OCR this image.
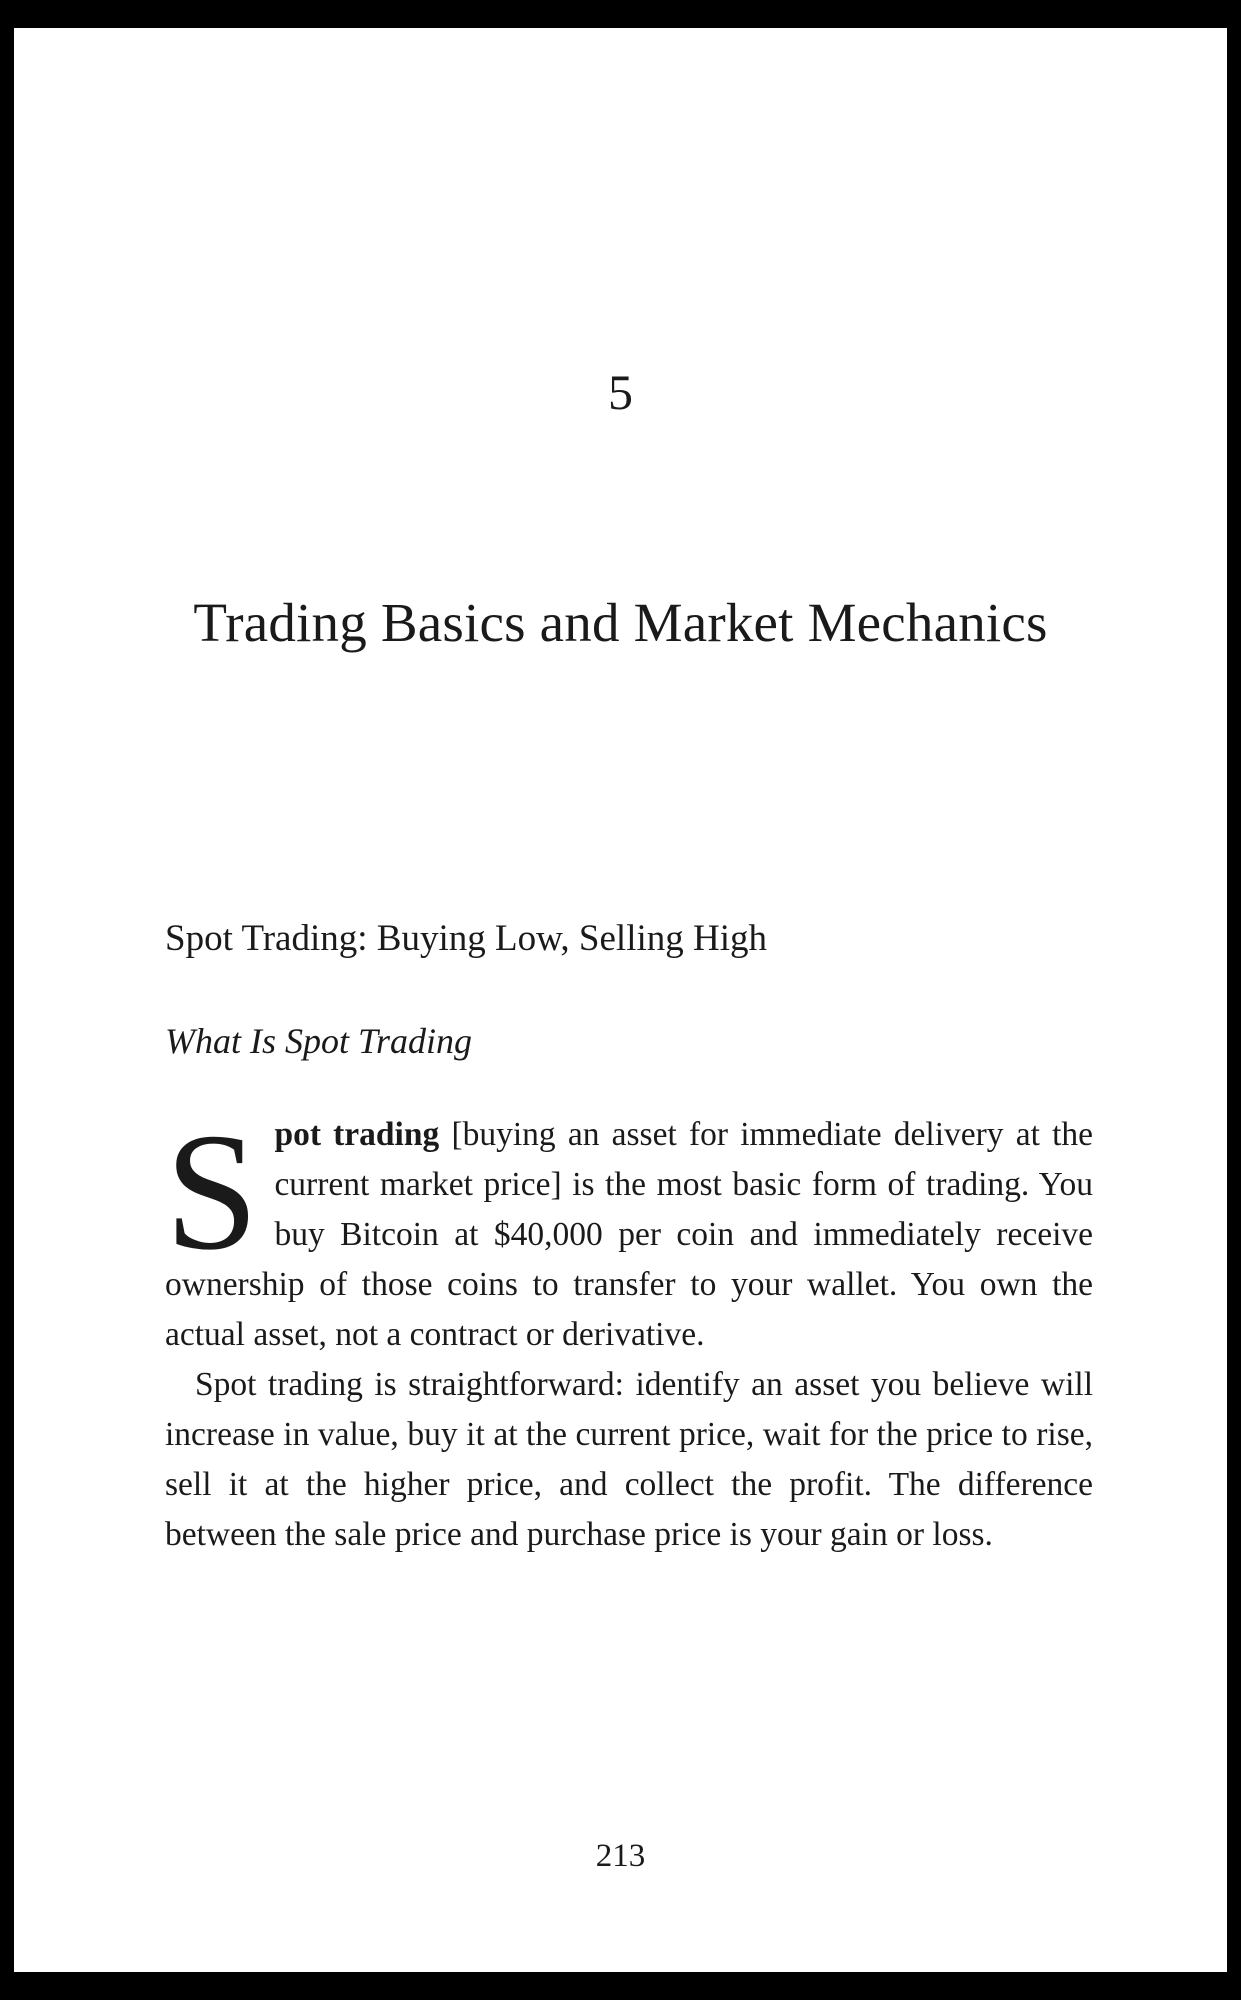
5
Trading Basics and Market Mechanics
Spot Trading: Buying Low, Selling High
What Is Spot Trading

Spot trading [buying an asset for immediate delivery at the current market price] is the most basic form of trading. You buy Bitcoin at $40,000 per coin and immediately receive ownership of those coins to transfer to your wallet. You own the actual asset, not a contract or derivative.

Spot trading is straightforward: identify an asset you believe will increase in value, buy it at the current price, wait for the price to rise, sell it at the higher price, and collect the profit. The difference between the sale price and purchase price is your gain or loss.

213
